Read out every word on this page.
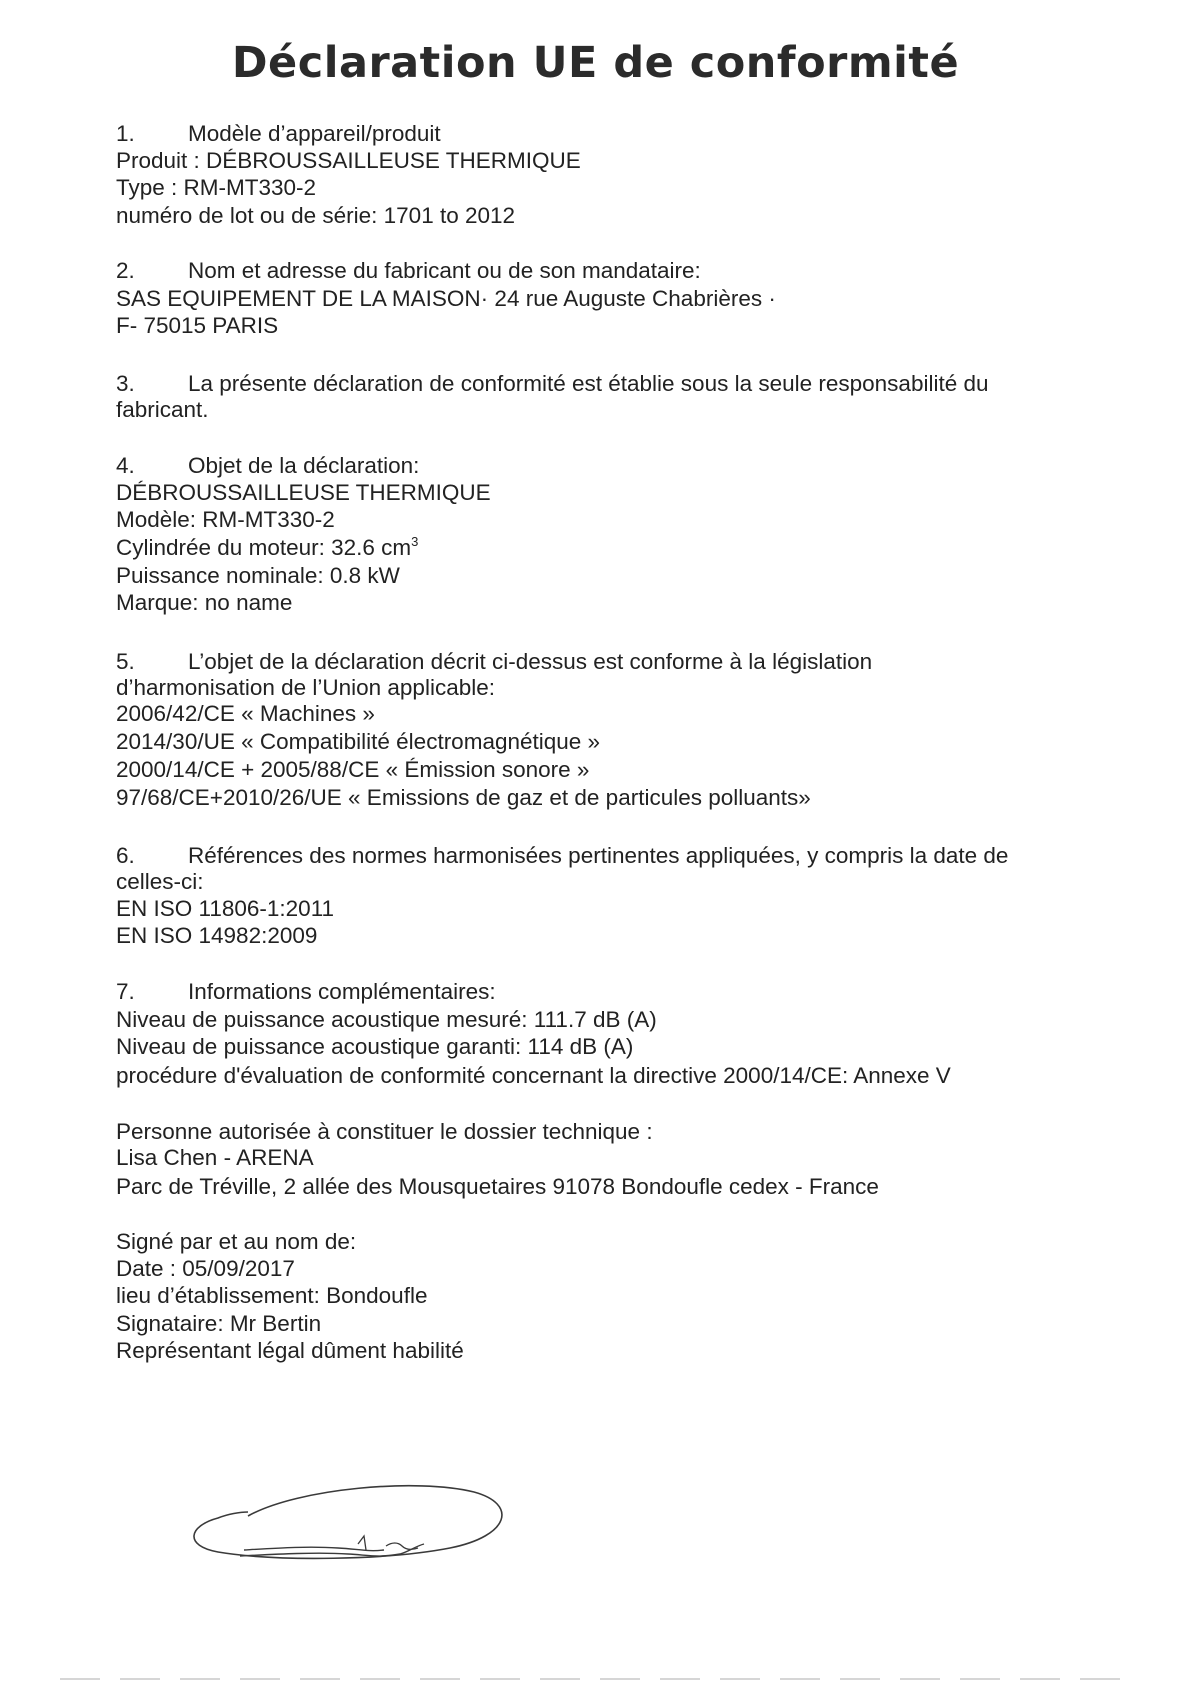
Déclaration UE de conformité
1. Modèle d’appareil/produit
Produit : DÉBROUSSAILLEUSE THERMIQUE
Type : RM-MT330-2
numéro de lot ou de série: 1701 to 2012
2. Nom et adresse du fabricant ou de son mandataire:
SAS EQUIPEMENT DE LA MAISON· 24 rue Auguste Chabrières ·
F- 75015 PARIS
3. La présente déclaration de conformité est établie sous la seule responsabilité du
fabricant.
4. Objet de la déclaration:
DÉBROUSSAILLEUSE THERMIQUE
Modèle: RM-MT330-2
Cylindrée du moteur: 32.6 $cm^3$
Puissance nominale: 0.8 kW
Marque: no name
5. L’objet de la déclaration décrit ci-dessus est conforme à la législation
d’harmonisation de l’Union applicable:
2006/42/CE « Machines »
2014/30/UE « Compatibilité électromagnétique »
2000/14/CE + 2005/88/CE « Émission sonore »
97/68/CE+2010/26/UE « Emissions de gaz et de particules polluants»
6. Références des normes harmonisées pertinentes appliquées, y compris la date de
celles-ci:
EN ISO 11806-1:2011
EN ISO 14982:2009
7. Informations complémentaires:
Niveau de puissance acoustique mesuré: 111.7 dB (A)
Niveau de puissance acoustique garanti: 114 dB (A)
procédure d'évaluation de conformité concernant la directive 2000/14/CE: Annexe V
Personne autorisée à constituer le dossier technique :
Lisa Chen - ARENA
Parc de Tréville, 2 allée des Mousquetaires 91078 Bondoufle cedex - France
Signé par et au nom de:
Date : 05/09/2017
lieu d’établissement: Bondoufle
Signataire: Mr Bertin
Représentant légal dûment habilité
